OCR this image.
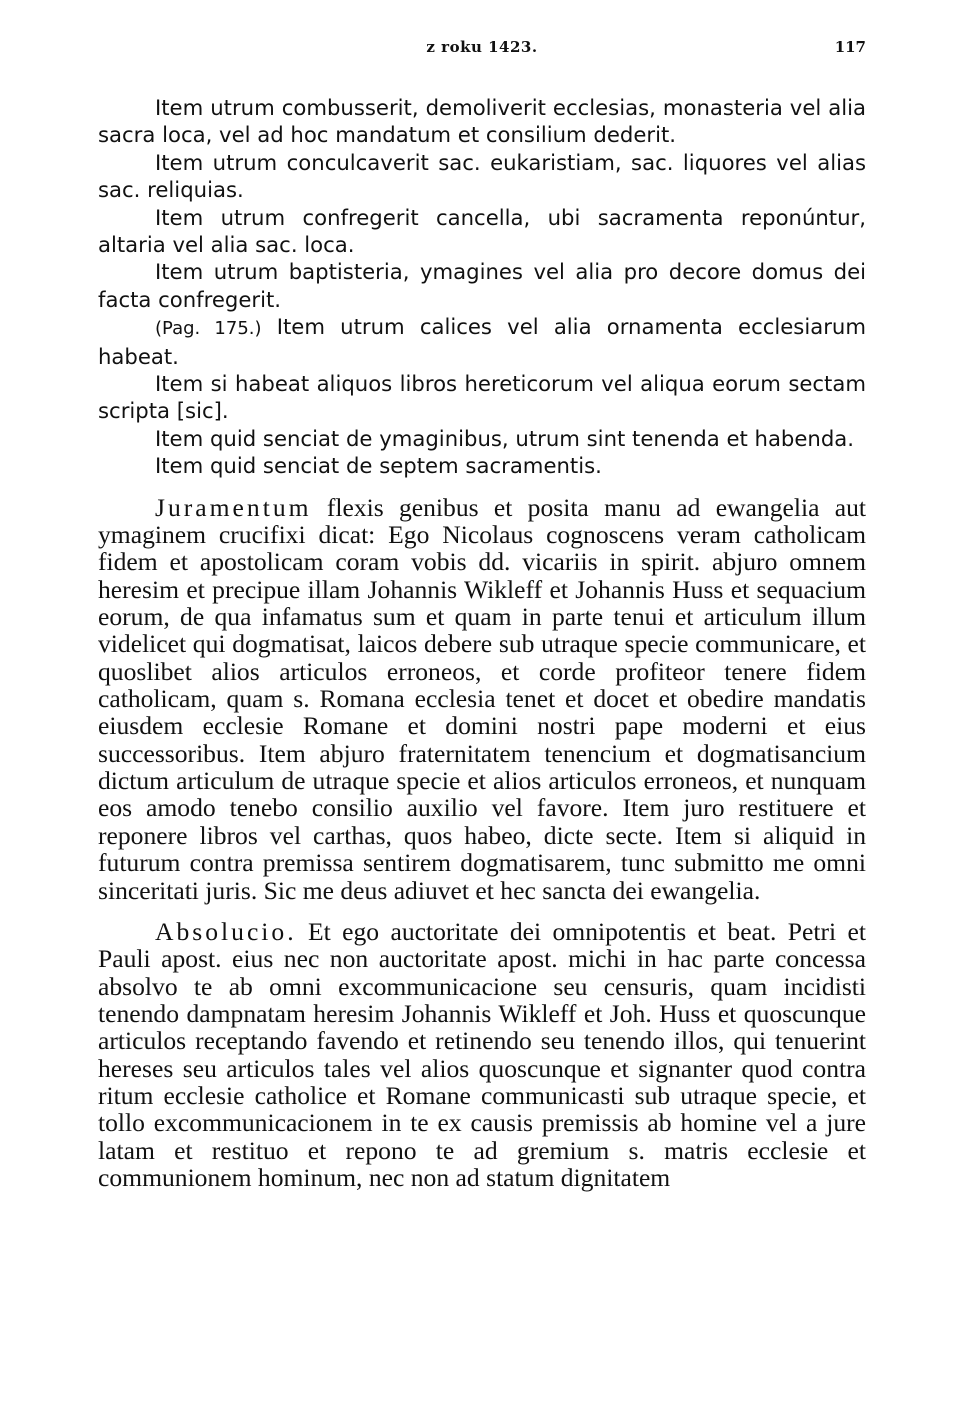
z roku 1423.	117

Item utrum combusserit, demoliverit ecclesias, monasteria vel alia sacra loca, vel ad hoc mandatum et consilium dederit.

Item utrum conculcaverit sac. eukaristiam, sac. liquores vel alias sac. reliquias.

Item utrum confregerit cancella, ubi sacramenta reponúntur, altaria vel alia sac. loca.

Item utrum baptisteria, ymagines vel alia pro decore domus dei facta confregerit.

(Pag. 175.) Item utrum calices vel alia ornamenta ecclesiarum habeat.

Item si habeat aliquos libros hereticorum vel aliqua eorum sectam scripta [sic].

Item quid senciat de ymaginibus, utrum sint tenenda et habenda.

Item quid senciat de septem sacramentis.

Juramentum flexis genibus et posita manu ad ewangelia aut ymaginem crucifixi dicat: Ego Nicolaus cognoscens veram catholicam fidem et apostolicam coram vobis dd. vicariis in spirit. abjuro omnem heresim et precipue illam Johannis Wikleff et Johannis Huss et sequacium eorum, de qua infamatus sum et quam in parte tenui et articulum illum videlicet qui dogmatisat, laicos debere sub utraque specie communicare, et quoslibet alios articulos erroneos, et corde profiteor tenere fidem catholicam, quam s. Romana ecclesia tenet et docet et obedire mandatis eiusdem ecclesie Romane et domini nostri pape moderni et eius successoribus. Item abjuro fraternitatem tenencium et dogmatisancium dictum articulum de utraque specie et alios articulos erroneos, et nunquam eos amodo tenebo consilio auxilio vel favore. Item juro restituere et reponere libros vel carthas, quos habeo, dicte secte. Item si aliquid in futurum contra premissa sentirem dogmatisarem, tunc submitto me omni sinceritati juris. Sic me deus adiuvet et hec sancta dei ewangelia.

Absolucio. Et ego auctoritate dei omnipotentis et beat. Petri et Pauli apost. eius nec non auctoritate apost. michi in hac parte concessa absolvo te ab omni excommunicacione seu censuris, quam incidisti tenendo dampnatam heresim Johannis Wikleff et Joh. Huss et quoscunque articulos receptando favendo et retinendo seu tenendo illos, qui tenuerint hereses seu articulos tales vel alios quoscunque et signanter quod contra ritum ecclesie catholice et Romane communicasti sub utraque specie, et tollo excommunicacionem in te ex causis premissis ab homine vel a jure latam et restituo et repono te ad gremium s. matris ecclesie et communionem hominum, nec non ad statum dignitatem
